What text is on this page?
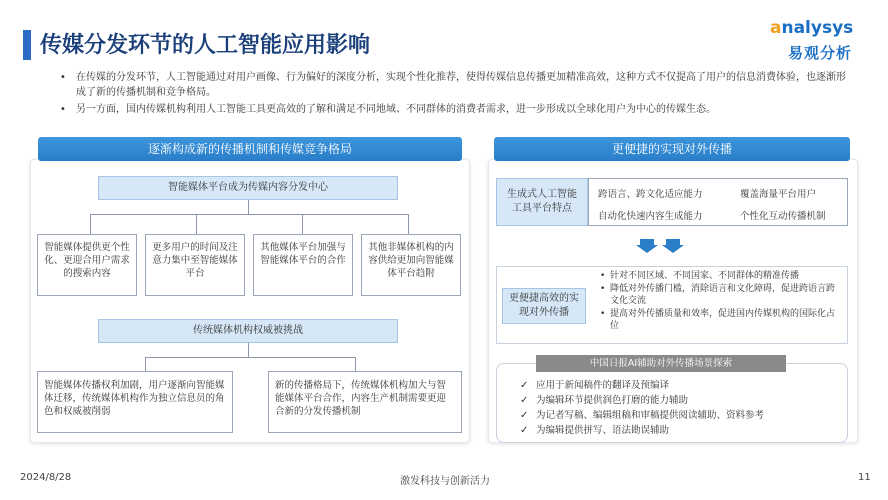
传媒分发环节的人工智能应用影响
analysys
易观分析
• 在传媒的分发环节，人工智能通过对用户画像、行为偏好的深度分析，实现个性化推荐，使得传媒信息传播更加精准高效，这种方式不仅提高了用户的信息消费体验，也逐渐形成了新的传播机制和竞争格局。
• 另一方面，国内传媒机构利用人工智能工具更高效的了解和满足不同地域、不同群体的消费者需求，进一步形成以全球化用户为中心的传媒生态。
逐渐构成新的传播机制和传媒竞争格局
智能媒体平台成为传媒内容分发中心
智能媒体提供更个性化、更迎合用户需求的搜索内容
更多用户的时间及注意力集中至智能媒体平台
其他媒体平台加强与智能媒体平台的合作
其他非媒体机构的内容供给更加向智能媒体平台趋附
传统媒体机构权威被挑战
智能媒体传播权利加剧，用户逐渐向智能媒体迁移，传统媒体机构作为独立信息员的角色和权威被削弱
新的传播格局下，传统媒体机构加大与智能媒体平台合作，内容生产机制需要更迎合新的分发传播机制
更便捷的实现对外传播
生成式人工智能工具平台特点
跨语言、跨文化适应能力	覆盖海量平台用户
自动化快速内容生成能力	个性化互动传播机制
更便捷高效的实现对外传播
• 针对不同区域、不同国家、不同群体的精准传播
• 降低对外传播门槛，消除语言和文化障碍，促进跨语言跨文化交流
• 提高对外传播质量和效率，促进国内传媒机构的国际化占位
中国日报AI辅助对外传播场景探索
✓ 应用于新闻稿件的翻译及预编译
✓ 为编辑环节提供润色打磨的能力辅助
✓ 为记者写稿、编辑组稿和审稿提供阅读辅助、资料参考
✓ 为编辑提供拼写、语法勘误辅助
2024/8/28	激发科技与创新活力	11
